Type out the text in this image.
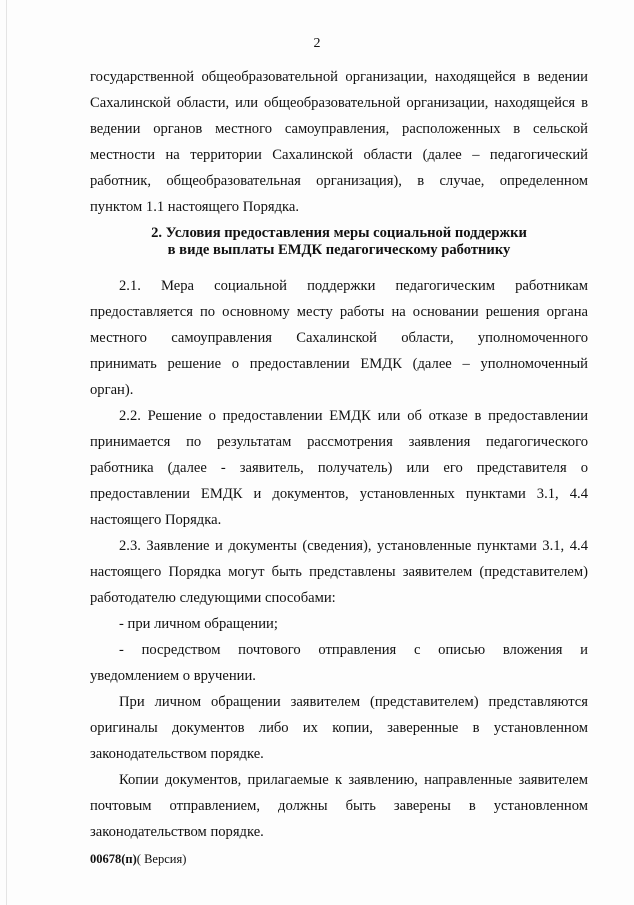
2
государственной общеобразовательной организации, находящейся в ведении
Сахалинской области, или общеобразовательной организации, находящейся в
ведении органов местного самоуправления, расположенных в сельской
местности на территории Сахалинской области (далее – педагогический
работник, общеобразовательная организация), в случае, определенном
пунктом 1.1 настоящего Порядка.
2. Условия предоставления меры социальной поддержки
в виде выплаты ЕМДК педагогическому работнику
2.1. Мера социальной поддержки педагогическим работникам
предоставляется по основному месту работы на основании решения органа
местного самоуправления Сахалинской области, уполномоченного
принимать решение о предоставлении ЕМДК (далее – уполномоченный
орган).
2.2. Решение о предоставлении ЕМДК или об отказе в предоставлении
принимается по результатам рассмотрения заявления педагогического
работника (далее - заявитель, получатель) или его представителя о
предоставлении ЕМДК и документов, установленных пунктами 3.1, 4.4
настоящего Порядка.
2.3. Заявление и документы (сведения), установленные пунктами 3.1, 4.4
настоящего Порядка могут быть представлены заявителем (представителем)
работодателю следующими способами:
- при личном обращении;
- посредством почтового отправления с описью вложения и
уведомлением о вручении.
При личном обращении заявителем (представителем) представляются
оригиналы документов либо их копии, заверенные в установленном
законодательством порядке.
Копии документов, прилагаемые к заявлению, направленные заявителем
почтовым отправлением, должны быть заверены в установленном
законодательством порядке.
00678(п)( Версия)
